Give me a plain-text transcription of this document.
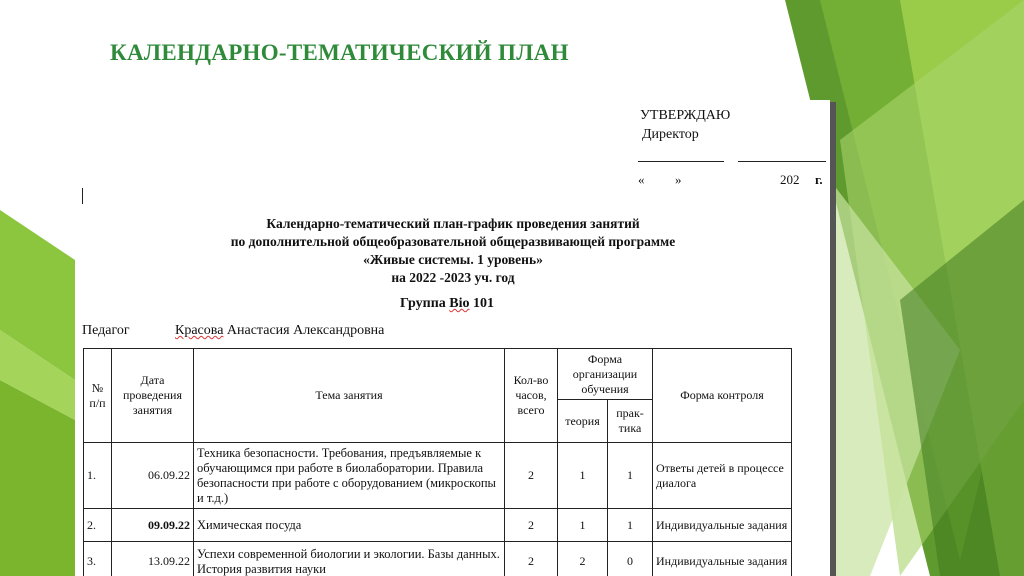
КАЛЕНДАРНО-ТЕМАТИЧЕСКИЙ ПЛАН
УТВЕРЖДАЮ
Директор
« »	202 г.
Календарно-тематический план-график проведения занятий
по дополнительной общеобразовательной общеразвивающей программе
«Живые системы. 1 уровень»
на 2022 -2023 уч. год
Группа Bio 101
Педагог	Красова Анастасия Александровна
№ п/п	Дата проведения занятия	Тема занятия	Кол-во часов, всего	Форма организации обучения		Форма контроля
				теория	прак-тика	
1.	06.09.22	Техника безопасности. Требования, предъявляемые к обучающимся при работе в биолаборатории. Правила безопасности при работе с оборудованием (микроскопы и т.д.)	2	1	1	Ответы детей в процессе диалога
2.	09.09.22	Химическая посуда	2	1	1	Индивидуальные задания
3.	13.09.22	Успехи современной биологии и экологии. Базы данных. История развития науки	2	2	0	Индивидуальные задания
